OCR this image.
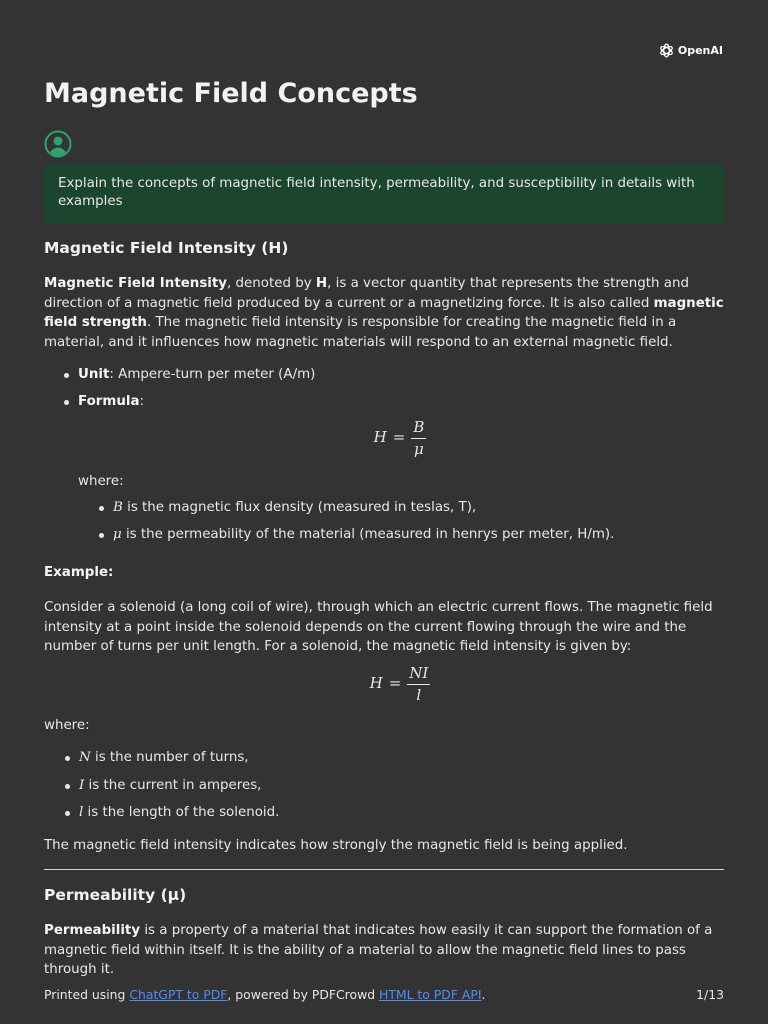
OpenAI
Magnetic Field Concepts
Explain the concepts of magnetic field intensity, permeability, and susceptibility in details with examples
Magnetic Field Intensity (H)

Magnetic Field Intensity, denoted by H, is a vector quantity that represents the strength and direction of a magnetic field produced by a current or a magnetizing force. It is also called magnetic field strength. The magnetic field intensity is responsible for creating the magnetic field in a material, and it influences how magnetic materials will respond to an external magnetic field.

Unit: Ampere-turn per meter (A/m)
Formula:
$H = \frac{B}{\mu}$

where:

B is the magnetic flux density (measured in teslas, T),
μ is the permeability of the material (measured in henrys per meter, H/m).

Example:

Consider a solenoid (a long coil of wire), through which an electric current flows. The magnetic field intensity at a point inside the solenoid depends on the current flowing through the wire and the number of turns per unit length. For a solenoid, the magnetic field intensity is given by:

$H = \frac{NI}{l}$

where:

N is the number of turns,
I is the current in amperes,
l is the length of the solenoid.

The magnetic field intensity indicates how strongly the magnetic field is being applied.

Permeability (μ)

Permeability is a property of a material that indicates how easily it can support the formation of a magnetic field within itself. It is the ability of a material to allow the magnetic field lines to pass through it.

Printed using ChatGPT to PDF, powered by PDFCrowd HTML to PDF API.	1/13
